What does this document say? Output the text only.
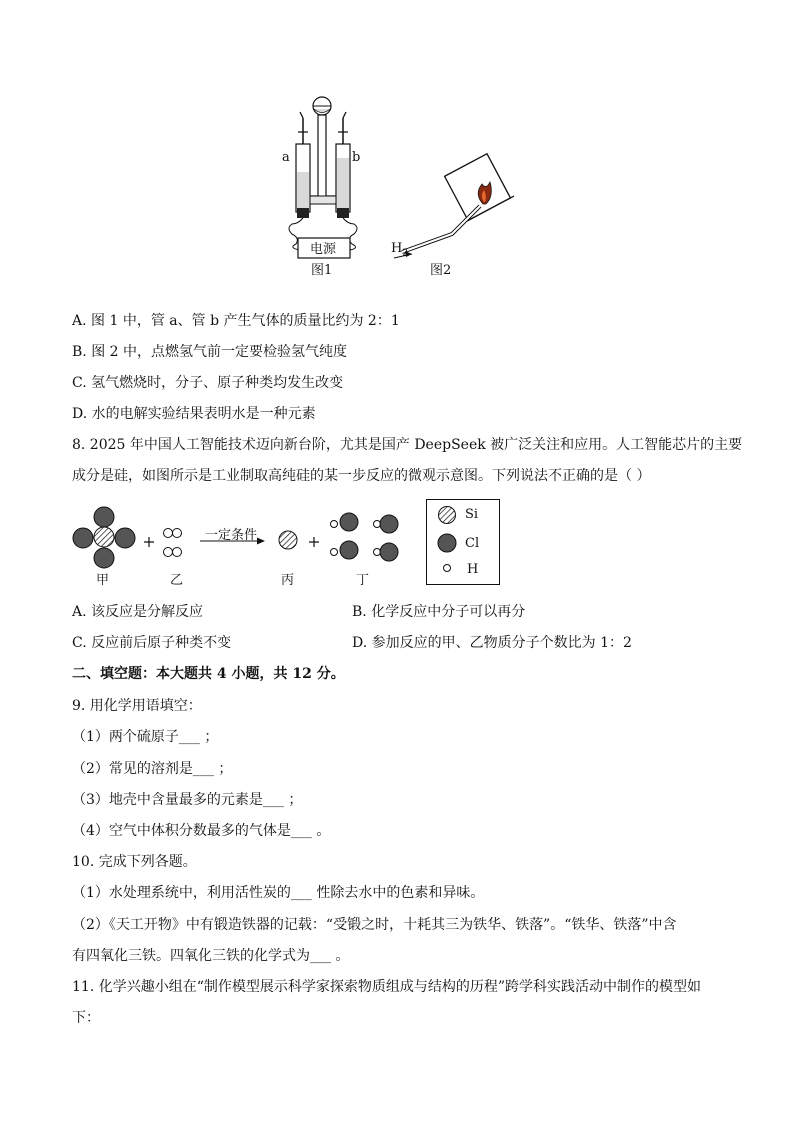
a	b
电源
图1
$H_2$
图2
A. 图 1 中，管 a、管 b 产生气体的质量比约为 2：1
B. 图 2 中，点燃氢气前一定要检验氢气纯度
C. 氢气燃烧时，分子、原子种类均发生改变
D. 水的电解实验结果表明水是一种元素
8. 2025 年中国人工智能技术迈向新台阶，尤其是国产 DeepSeek 被广泛关注和应用。人工智能芯片的主要
成分是硅，如图所示是工业制取高纯硅的某一步反应的微观示意图。下列说法不正确的是（ ）
甲	乙
一定条件
丙	丁
Si
Cl
H
A. 该反应是分解反应	B. 化学反应中分子可以再分
C. 反应前后原子种类不变	D. 参加反应的甲、乙物质分子个数比为 1：2
二、填空题：本大题共 4 小题，共 12 分。
9. 用化学用语填空：
（1）两个硫原子___ ；
（2）常见的溶剂是___ ；
（3）地壳中含量最多的元素是___ ；
（4）空气中体积分数最多的气体是___ 。
10. 完成下列各题。
（1）水处理系统中，利用活性炭的___ 性除去水中的色素和异味。
（2）《天工开物》中有锻造铁器的记载：“受锻之时，十耗其三为铁华、铁落”。“铁华、铁落”中含
有四氧化三铁。四氧化三铁的化学式为___ 。
11. 化学兴趣小组在“制作模型展示科学家探索物质组成与结构的历程”跨学科实践活动中制作的模型如
下：
